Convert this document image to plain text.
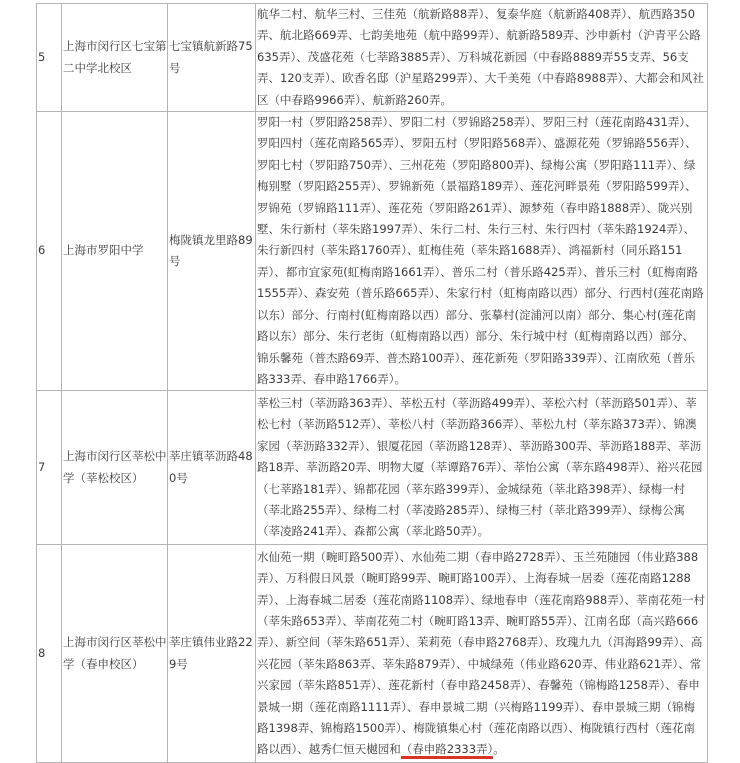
5	上海市闵行区七宝第二中学北校区	七宝镇航新路75号	航华二村、航华三村、三佳苑（航新路88弄）、复泰华庭（航新路408弄）、航西路350弄、航北路669弄、七韵美地苑（航中路99弄）、航新路589弄、沙申新村（沪青平公路635弄）、茂盛花苑（七莘路3885弄）、万科城花新园（中春路8889弄55支弄、56支弄、120支弄）、欧香名邸（沪星路299弄）、大千美苑（中春路8988弄）、大都会和风社区（中春路9966弄）、航新路260弄。
6	上海市罗阳中学	梅陇镇龙里路89号	罗阳一村（罗阳路258弄）、罗阳二村（罗锦路258弄）、罗阳三村（莲花南路431弄）、罗阳四村（莲花南路565弄）、罗阳五村（罗阳路568弄）、盛源花苑（罗锦路556弄）、罗阳七村（罗阳路750弄）、三州花苑（罗阳路800弄)、绿梅公寓（罗阳路111弄）、绿梅别墅（罗阳路255弄）、罗锦新苑（景福路189弄）、莲花河畔景苑（罗阳路599弄）、罗锦苑（罗锦路111弄）、莲花苑（罗阳路261弄）、源梦苑（春申路1888弄）、陇兴别墅、朱行新村（莘朱路1997弄）、朱行二村、朱行三村、朱行四村（莘朱路1924弄）、朱行新四村（莘朱路1760弄）、虹梅佳苑（莘朱路1688弄）、鸿福新村（同乐路151弄）、都市宜家苑(虹梅南路1661弄）、普乐二村（普乐路425弄）、普乐三村（虹梅南路1555弄）、森安苑（普乐路665弄）、朱家行村（虹梅南路以西）部分、行西村(莲花南路以东）部分、行南村(虹梅南路以西）部分、张摹村(淀浦河以南）部分、集心村(莲花南路以东）部分、朱行老街（虹梅南路以西）部分、朱行城中村（虹梅南路以西）部分、锦乐馨苑（普杰路69弄、普杰路100弄）、莲花新苑（罗阳路339弄）、江南欣苑（普乐路333弄、春申路1766弄）。
7	上海市闵行区莘松中学（莘松校区）	莘庄镇莘沥路480号	莘松三村（莘沥路363弄）、莘松五村（莘沥路499弄）、莘松六村（莘沥路501弄）、莘松七村（莘沥路512弄）、莘松八村（莘沥路366弄）、莘松九村（莘东路373弄）、锦澳家园（莘沥路332弄）、银厦花园（莘沥路128弄）、莘沥路300弄、莘沥路188弄、莘沥路18弄、莘沥路20弄、明物大厦（莘谭路76弄）、莘怡公寓（莘东路498弄）、裕兴花园（七莘路181弄）、锦都花园（莘东路399弄）、金城绿苑（莘北路398弄）、绿梅一村（莘北路255弄）、绿梅二村（莘凌路285弄）、绿梅三村（莘北路399弄）、绿梅公寓（莘凌路241弄）、森都公寓（莘北路50弄）。
8	上海市闵行区莘松中学（春申校区）	莘庄镇伟业路229号	水仙苑一期（畹町路500弄）、水仙苑二期（春申路2728弄）、玉兰苑随园（伟业路388弄）、万科假日风景（畹町路99弄、畹町路100弄）、上海春城一居委（莲花南路1288弄）、上海春城二居委（莲花南路1108弄）、绿地春申（莲花南路988弄）、莘南花苑一村（莘朱路653弄）、莘南花苑二村（畹町路13弄、畹町路55弄）、江南名邸（高兴路666弄）、新空间（莘朱路651弄）、茉莉苑（春申路2768弄）、玫瑰九九（洱海路99弄）、高兴花园（莘朱路863弄、莘朱路879弄）、中城绿苑（伟业路620弄、伟业路621弄）、常兴家园（莘朱路851弄）、莲花新村（春申路2458弄）、春馨苑（锦梅路1258弄）、春申景城一期（莲花南路1111弄）、春申景城二期（兴梅路1199弄）、春申景城三期（锦梅路1398弄、锦梅路1500弄）、梅陇镇集心村（莲花南路以西）、梅陇镇行西村（莲花南路以西）、越秀仁恒天樾园和（春申路2333弄）。
